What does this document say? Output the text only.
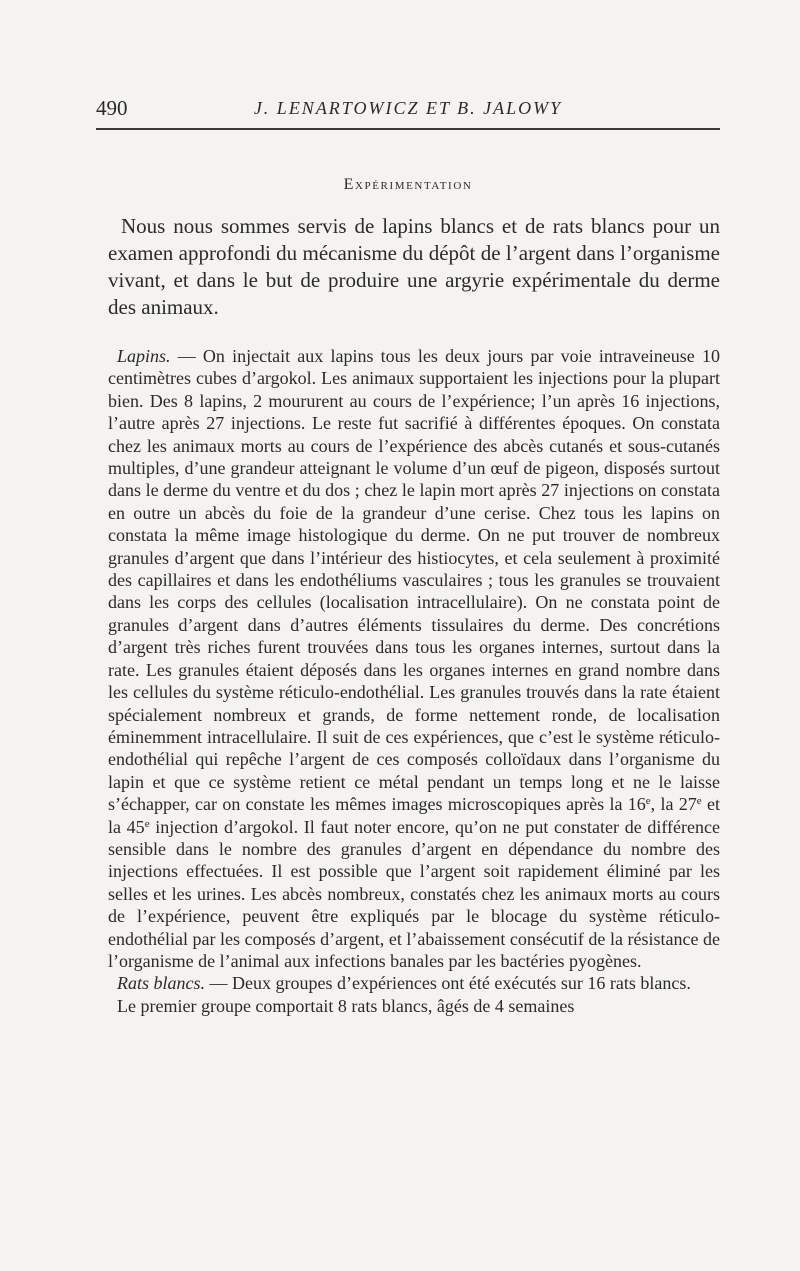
490	J. LENARTOWICZ ET B. JALOWY
Expérimentation

Nous nous sommes servis de lapins blancs et de rats blancs pour un examen approfondi du mécanisme du dépôt de l’argent dans l’organisme vivant, et dans le but de produire une argyrie expérimentale du derme des animaux.

Lapins. — On injectait aux lapins tous les deux jours par voie intraveineuse 10 centimètres cubes d’argokol. Les animaux supportaient les injections pour la plupart bien. Des 8 lapins, 2 moururent au cours de l’expérience; l’un après 16 injections, l’autre après 27 injections. Le reste fut sacrifié à différentes époques. On constata chez les animaux morts au cours de l’expérience des abcès cutanés et sous-cutanés multiples, d’une grandeur atteignant le volume d’un œuf de pigeon, disposés surtout dans le derme du ventre et du dos ; chez le lapin mort après 27 injections on constata en outre un abcès du foie de la grandeur d’une cerise. Chez tous les lapins on constata la même image histologique du derme. On ne put trouver de nombreux granules d’argent que dans l’intérieur des histiocytes, et cela seulement à proximité des capillaires et dans les endothéliums vasculaires ; tous les granules se trouvaient dans les corps des cellules (localisation intracellulaire). On ne constata point de granules d’argent dans d’autres éléments tissulaires du derme. Des concrétions d’argent très riches furent trouvées dans tous les organes internes, surtout dans la rate. Les granules étaient déposés dans les organes internes en grand nombre dans les cellules du système réticulo-endothélial. Les granules trouvés dans la rate étaient spécialement nombreux et grands, de forme nettement ronde, de localisation éminemment intracellulaire. Il suit de ces expériences, que c’est le système réticulo-endothélial qui repêche l’argent de ces composés colloïdaux dans l’organisme du lapin et que ce système retient ce métal pendant un temps long et ne le laisse s’échapper, car on constate les mêmes images microscopiques après la 16e, la 27e et la 45e injection d’argokol. Il faut noter encore, qu’on ne put constater de différence sensible dans le nombre des granules d’argent en dépendance du nombre des injections effectuées. Il est possible que l’argent soit rapidement éliminé par les selles et les urines. Les abcès nombreux, constatés chez les animaux morts au cours de l’expérience, peuvent être expliqués par le blocage du système réticulo-endothélial par les composés d’argent, et l’abaissement consécutif de la résistance de l’organisme de l’animal aux infections banales par les bactéries pyogènes.

Rats blancs. — Deux groupes d’expériences ont été exécutés sur 16 rats blancs.

Le premier groupe comportait 8 rats blancs, âgés de 4 semaines
